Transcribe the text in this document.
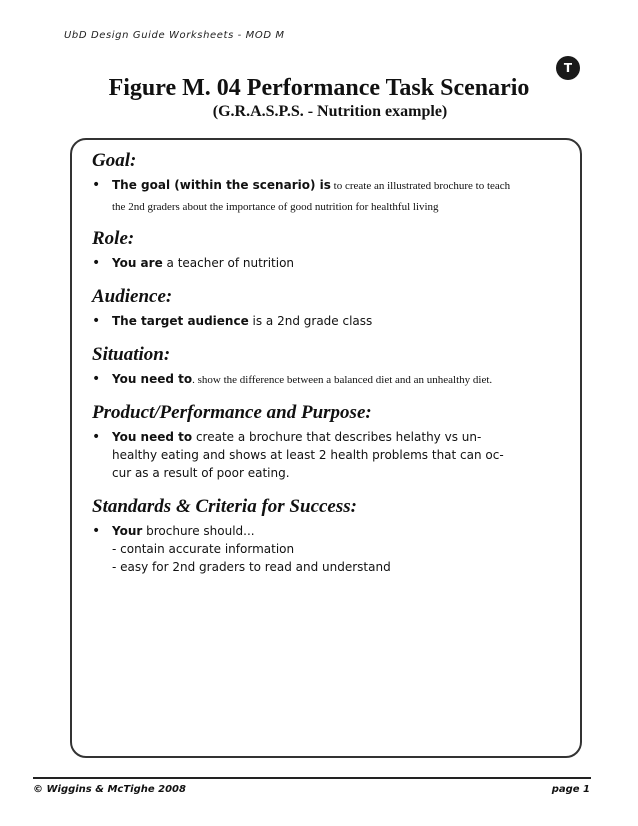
UbD Design Guide Worksheets - MOD M
T
Figure M. 04 Performance Task Scenario
(G.R.A.S.P.S. - Nutrition example)
Goal:
• The goal (within the scenario) is to create an illustrated brochure to teach
the 2nd graders about the importance of good nutrition for healthful living
Role:
• You are a teacher of nutrition
Audience:
• The target audience is a 2nd grade class
Situation:
• You need to. show the difference between a balanced diet and an unhealthy diet.
Product/Performance and Purpose:
• You need to create a brochure that describes helathy vs un-
healthy eating and shows at least 2 health problems that can oc-
cur as a result of poor eating.
Standards & Criteria for Success:
• Your brochure should...
- contain accurate information
- easy for 2nd graders to read and understand
© Wiggins & McTighe 2008	page 1
